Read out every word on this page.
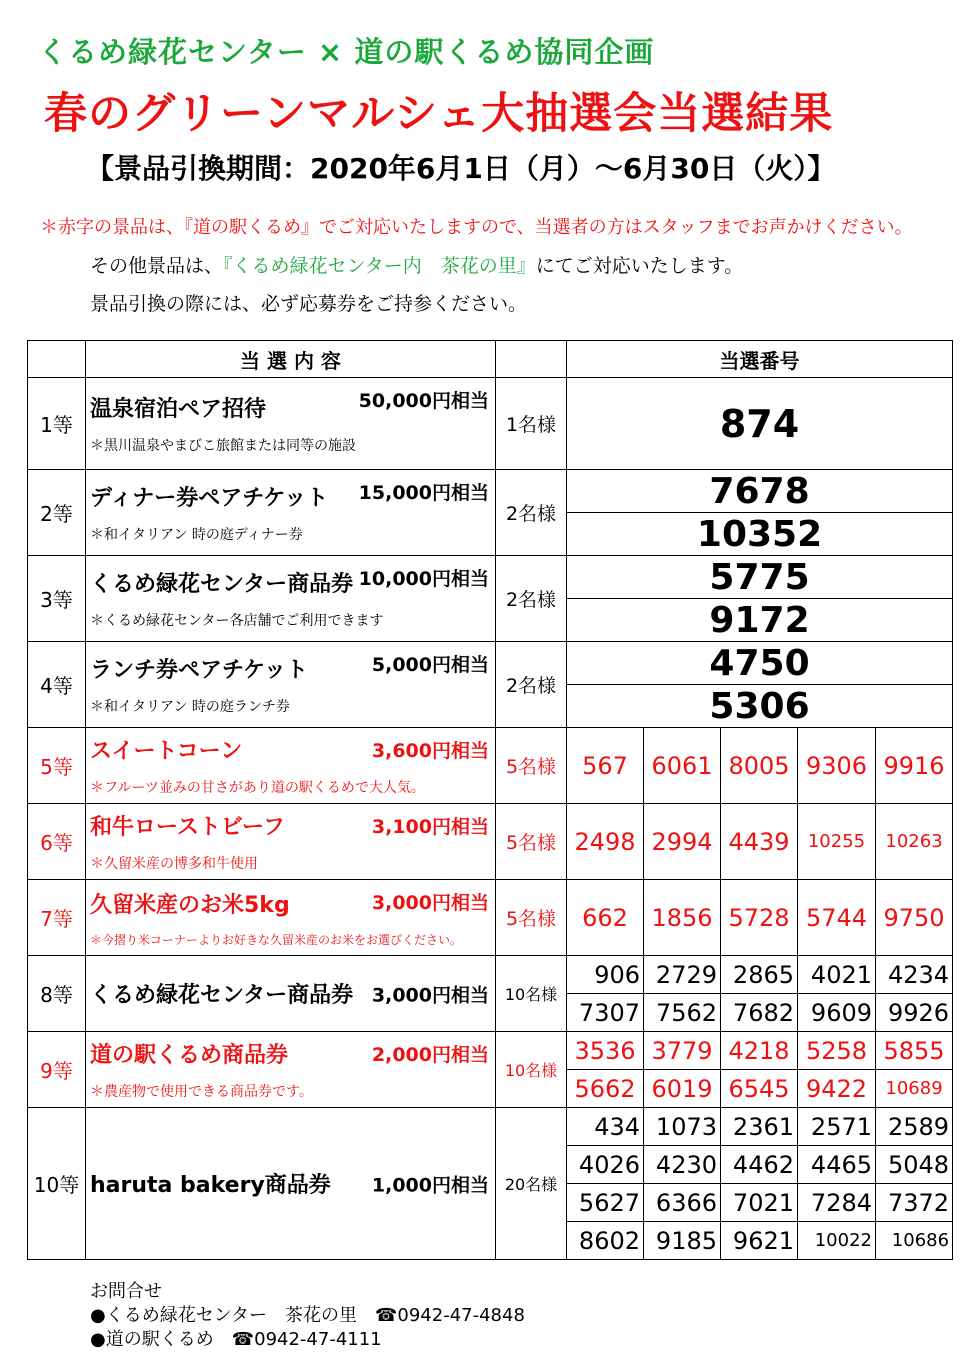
くるめ緑花センター × 道の駅くるめ協同企画
春のグリーンマルシェ大抽選会当選結果
【景品引換期間：2020年6月1日（月）～6月30日（火）】
＊赤字の景品は、『道の駅くるめ』でご対応いたしますので、当選者の方はスタッフまでお声かけください。
その他景品は、『くるめ緑花センター内　茶花の里』にてご対応いたします。
景品引換の際には、必ず応募券をご持参ください。
	当 選 内 容		当選番号				
1等	温泉宿泊ペア招待 50,000円相当
＊黒川温泉やまびこ旅館または同等の施設	1名様	874				
2等	ディナー券ペアチケット 15,000円相当
＊和イタリアン 時の庭ディナー券	2名様	7678				
			10352				
3等	くるめ緑花センター商品券 10,000円相当
＊くるめ緑花センター各店舗でご利用できます	2名様	5775				
			9172				
4等	ランチ券ペアチケット 5,000円相当
＊和イタリアン 時の庭ランチ券	2名様	4750				
			5306				
5等	スイートコーン 3,600円相当
＊フルーツ並みの甘さがあり道の駅くるめで大人気。	5名様	567	6061	8005	9306	9916
6等	和牛ローストビーフ 3,100円相当
＊久留米産の博多和牛使用	5名様	2498	2994	4439	10255	10263
7等	久留米産のお米5kg 3,000円相当
＊今摺り米コーナーよりお好きな久留米産のお米をお選びください。	5名様	662	1856	5728	5744	9750
8等	くるめ緑花センター商品券 3,000円相当	10名様	906	2729	2865	4021	4234
			7307	7562	7682	9609	9926
9等	道の駅くるめ商品券 2,000円相当
＊農産物で使用できる商品券です。	10名様	3536	3779	4218	5258	5855
			5662	6019	6545	9422	10689
10等	haruta bakery商品券 1,000円相当	20名様	434	1073	2361	2571	2589
			4026	4230	4462	4465	5048
			5627	6366	7021	7284	7372
			8602	9185	9621	10022	10686
お問合せ
●くるめ緑花センター　茶花の里　☎0942-47-4848
●道の駅くるめ　☎0942-47-4111
